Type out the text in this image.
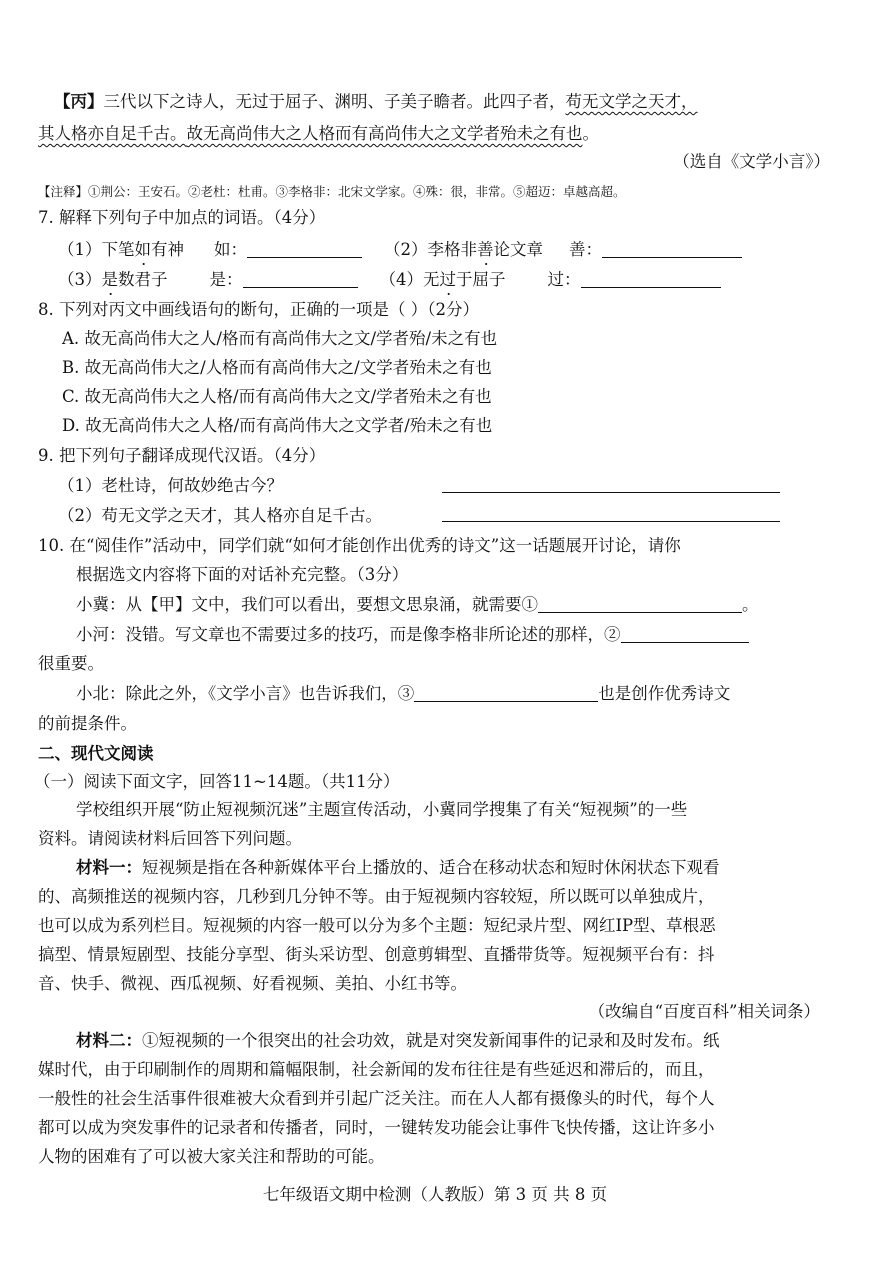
【丙】三代以下之诗人，无过于屈子、渊明、子美子瞻者。此四子者，苟无文学之天才，
其人格亦自足千古。故无高尚伟大之人格而有高尚伟大之文学者殆未之有也。
（选自《文学小言》）
【注释】①荆公：王安石。②老杜：杜甫。③李格非：北宋文学家。④殊：很，非常。⑤超迈：卓越高超。
7. 解释下列句子中加点的词语。（4分）
（1）下笔如有神 如：	（2）李格非善论文章 善：
（3）是数君子	是：	（4）无过于屈子	过：
8. 下列对丙文中画线语句的断句，正确的一项是（ ）（2分）
A. 故无高尚伟大之人/格而有高尚伟大之文/学者殆/未之有也
B. 故无高尚伟大之/人格而有高尚伟大之/文学者殆未之有也
C. 故无高尚伟大之人格/而有高尚伟大之文/学者殆未之有也
D. 故无高尚伟大之人格/而有高尚伟大之文学者/殆未之有也
9. 把下列句子翻译成现代汉语。（4分）
（1）老杜诗，何故妙绝古今？
（2）苟无文学之天才，其人格亦自足千古。
10. 在“阅佳作”活动中，同学们就“如何才能创作出优秀的诗文”这一话题展开讨论，请你
根据选文内容将下面的对话补充完整。（3分）
小冀：从【甲】文中，我们可以看出，要想文思泉涌，就需要①	。
小河：没错。写文章也不需要过多的技巧，而是像李格非所论述的那样，②
很重要。
小北：除此之外，《文学小言》也告诉我们，③	也是创作优秀诗文
的前提条件。
二、现代文阅读
（一）阅读下面文字，回答11~14题。（共11分）
学校组织开展“防止短视频沉迷”主题宣传活动，小冀同学搜集了有关“短视频”的一些
资料。请阅读材料后回答下列问题。
材料一：短视频是指在各种新媒体平台上播放的、适合在移动状态和短时休闲状态下观看
的、高频推送的视频内容，几秒到几分钟不等。由于短视频内容较短，所以既可以单独成片，
也可以成为系列栏目。短视频的内容一般可以分为多个主题：短纪录片型、网红IP型、草根恶
搞型、情景短剧型、技能分享型、街头采访型、创意剪辑型、直播带货等。短视频平台有：抖
音、快手、微视、西瓜视频、好看视频、美拍、小红书等。
（改编自“百度百科”相关词条）
材料二：①短视频的一个很突出的社会功效，就是对突发新闻事件的记录和及时发布。纸
媒时代，由于印刷制作的周期和篇幅限制，社会新闻的发布往往是有些延迟和滞后的，而且，
一般性的社会生活事件很难被大众看到并引起广泛关注。而在人人都有摄像头的时代，每个人
都可以成为突发事件的记录者和传播者，同时，一键转发功能会让事件飞快传播，这让许多小
人物的困难有了可以被大家关注和帮助的可能。
七年级语文期中检测（人教版）第 3 页 共 8 页
